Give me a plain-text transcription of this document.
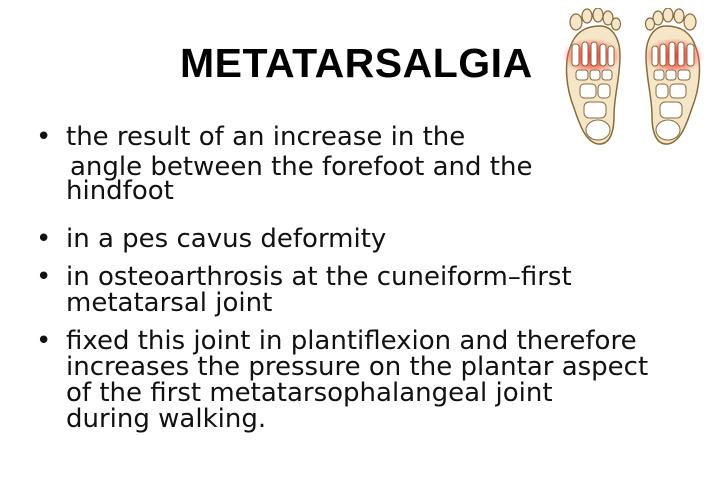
METATARSALGIA
• the result of an increase in the
angle between the forefoot and the
hindfoot
• in a pes cavus deformity
• in osteoarthrosis at the cuneiform–first
metatarsal joint
• fixed this joint in plantiflexion and therefore
increases the pressure on the plantar aspect
of the first metatarsophalangeal joint
during walking.
